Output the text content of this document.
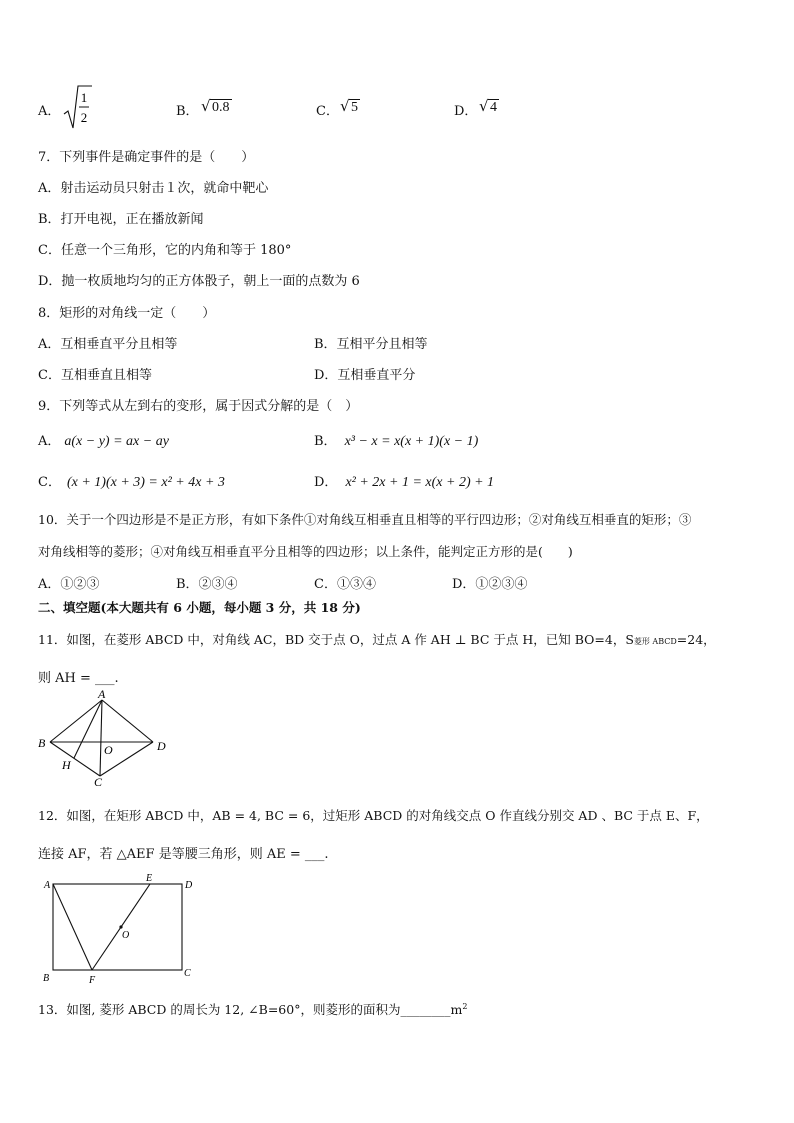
A．
1
2	B． √ 0.8	C． √ 5	D． √ 4
7．下列事件是确定事件的是（　　）
A．射击运动员只射击１次，就命中靶心
B．打开电视，正在播放新闻
C．任意一个三角形，它的内角和等于 180°
D．抛一枚质地均匀的正方体骰子，朝上一面的点数为 6
8．矩形的对角线一定（　　）
A．互相垂直平分且相等	B．互相平分且相等
C．互相垂直且相等	D．互相垂直平分
9．下列等式从左到右的变形，属于因式分解的是（　）
A． a(x − y) = ax − ay	B． x³ − x = x(x + 1)(x − 1)
C． (x + 1)(x + 3) = x² + 4x + 3	D． x² + 2x + 1 = x(x + 2) + 1
10．关于一个四边形是不是正方形，有如下条件①对角线互相垂直且相等的平行四边形；②对角线互相垂直的矩形；③
对角线相等的菱形；④对角线互相垂直平分且相等的四边形；以上条件，能判定正方形的是(　　)
A．①②③	B．②③④	C．①③④	D．①②③④
二、填空题(本大题共有 6 小题，每小题 3 分，共 18 分)
11．如图，在菱形 ABCD 中，对角线 AC，BD 交于点 O，过点 A 作 AH ⊥ BC 于点 H，已知 BO=4，S菱形 ABCD=24，
则 AH = ___.
A
B	D
C
O
H
12．如图，在矩形 ABCD 中，AB = 4, BC = 6，过矩形 ABCD 的对角线交点 O 作直线分别交 AD 、BC 于点 E、F，
连接 AF，若 △AEF 是等腰三角形，则 AE = ___.
A
E
D
O
B	F
C
13．如图, 菱形 ABCD 的周长为 12, ∠B=60°，则菱形的面积为$\_\_\_\_\_\_\_\_m^2$
